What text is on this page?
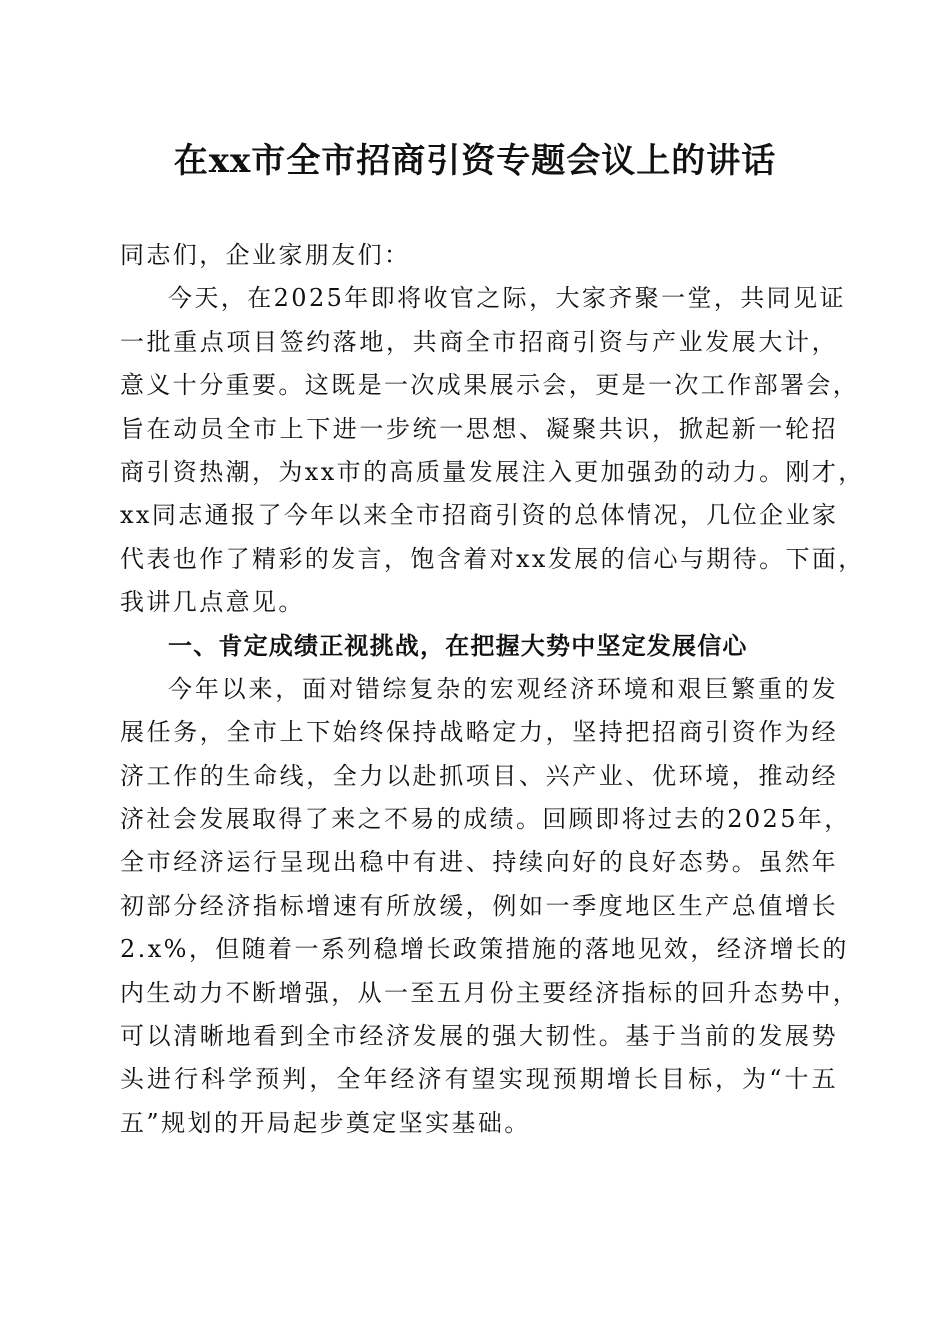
在xx市全市招商引资专题会议上的讲话
同志们，企业家朋友们：
今天，在2025年即将收官之际，大家齐聚一堂，共同见证
一批重点项目签约落地，共商全市招商引资与产业发展大计，
意义十分重要。这既是一次成果展示会，更是一次工作部署会，
旨在动员全市上下进一步统一思想、凝聚共识，掀起新一轮招
商引资热潮，为xx市的高质量发展注入更加强劲的动力。刚才，
xx同志通报了今年以来全市招商引资的总体情况，几位企业家
代表也作了精彩的发言，饱含着对xx发展的信心与期待。下面，
我讲几点意见。
一、肯定成绩正视挑战，在把握大势中坚定发展信心
今年以来，面对错综复杂的宏观经济环境和艰巨繁重的发
展任务，全市上下始终保持战略定力，坚持把招商引资作为经
济工作的生命线，全力以赴抓项目、兴产业、优环境，推动经
济社会发展取得了来之不易的成绩。回顾即将过去的2025年，
全市经济运行呈现出稳中有进、持续向好的良好态势。虽然年
初部分经济指标增速有所放缓，例如一季度地区生产总值增长
2.x%，但随着一系列稳增长政策措施的落地见效，经济增长的
内生动力不断增强，从一至五月份主要经济指标的回升态势中，
可以清晰地看到全市经济发展的强大韧性。基于当前的发展势
头进行科学预判，全年经济有望实现预期增长目标，为“十五
五”规划的开局起步奠定坚实基础。
